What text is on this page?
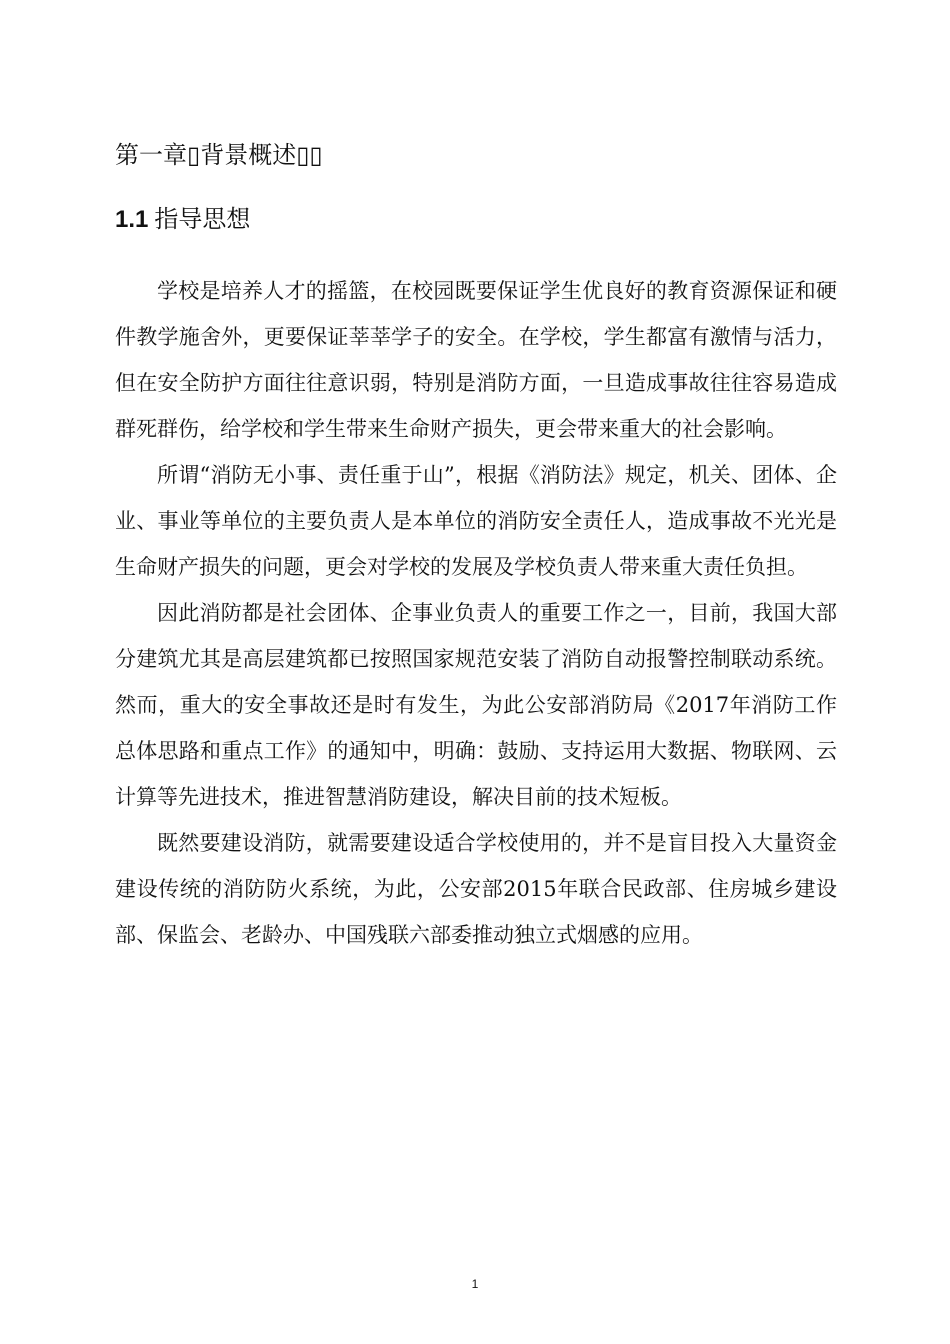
第一章▯背景概述▯▯
1.1 指导思想

学校是培养人才的摇篮，在校园既要保证学生优良好的教育资源保证和硬件教学施舍外，更要保证莘莘学子的安全。在学校，学生都富有激情与活力，但在安全防护方面往往意识弱，特别是消防方面，一旦造成事故往往容易造成群死群伤，给学校和学生带来生命财产损失，更会带来重大的社会影响。

所谓“消防无小事、责任重于山”，根据《消防法》规定，机关、团体、企业、事业等单位的主要负责人是本单位的消防安全责任人，造成事故不光光是生命财产损失的问题，更会对学校的发展及学校负责人带来重大责任负担。

因此消防都是社会团体、企事业负责人的重要工作之一，目前，我国大部分建筑尤其是高层建筑都已按照国家规范安装了消防自动报警控制联动系统。然而，重大的安全事故还是时有发生，为此公安部消防局《2017年消防工作总体思路和重点工作》的通知中，明确：鼓励、支持运用大数据、物联网、云计算等先进技术，推进智慧消防建设，解决目前的技术短板。

既然要建设消防，就需要建设适合学校使用的，并不是盲目投入大量资金建设传统的消防防火系统，为此，公安部2015年联合民政部、住房城乡建设部、保监会、老龄办、中国残联六部委推动独立式烟感的应用。

1
